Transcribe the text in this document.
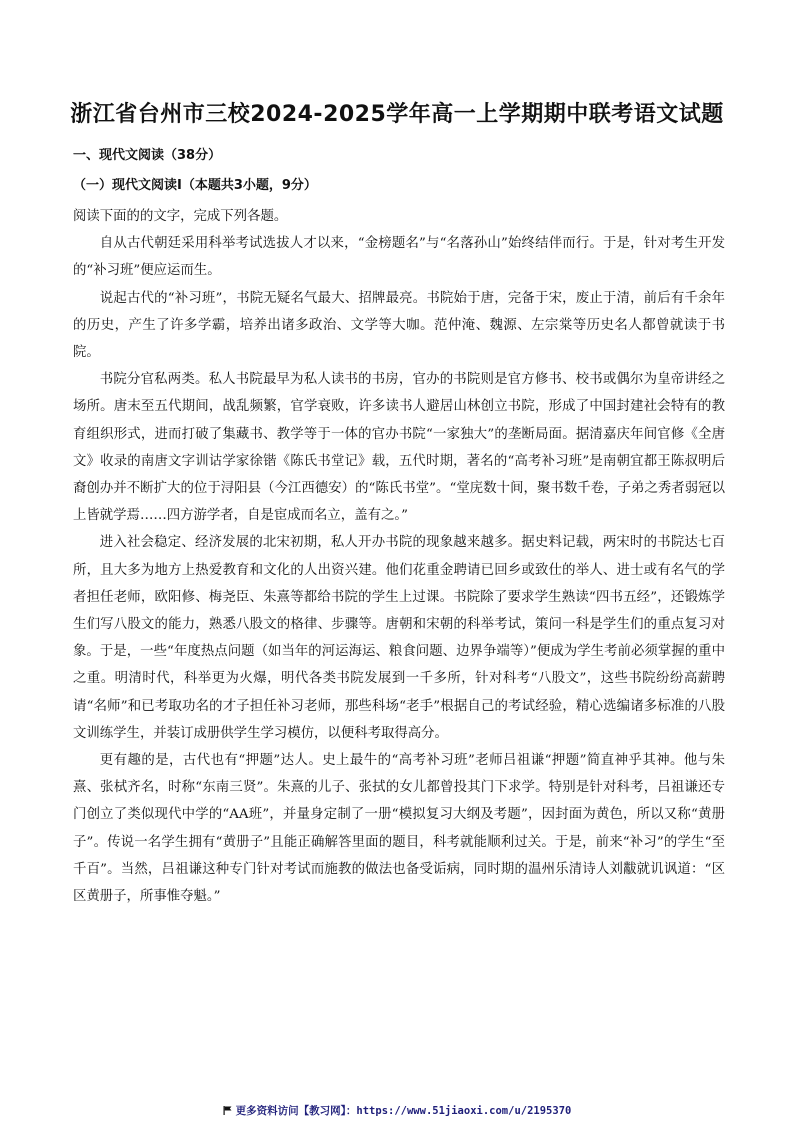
浙江省台州市三校2024-2025学年高一上学期期中联考语文试题

一、现代文阅读（38分）

（一）现代文阅读Ⅰ（本题共3小题，9分）

阅读下面的的文字，完成下列各题。

自从古代朝廷采用科举考试选拔人才以来，“金榜题名”与“名落孙山”始终结伴而行。于是，针对考生开发的“补习班”便应运而生。

说起古代的“补习班”，书院无疑名气最大、招牌最亮。书院始于唐，完备于宋，废止于清，前后有千余年的历史，产生了许多学霸，培养出诸多政治、文学等大咖。范仲淹、魏源、左宗棠等历史名人都曾就读于书院。

书院分官私两类。私人书院最早为私人读书的书房，官办的书院则是官方修书、校书或偶尔为皇帝讲经之场所。唐末至五代期间，战乱频繁，官学衰败，许多读书人避居山林创立书院，形成了中国封建社会特有的教育组织形式，进而打破了集藏书、教学等于一体的官办书院“一家独大”的垄断局面。据清嘉庆年间官修《全唐文》收录的南唐文字训诂学家徐锴《陈氏书堂记》载，五代时期，著名的“高考补习班”是南朝宜都王陈叔明后裔创办并不断扩大的位于浔阳县（今江西德安）的“陈氏书堂”。“堂庑数十间，聚书数千卷，子弟之秀者弱冠以上皆就学焉……四方游学者，自是宦成而名立，盖有之。”

进入社会稳定、经济发展的北宋初期，私人开办书院的现象越来越多。据史料记载，两宋时的书院达七百所，且大多为地方上热爱教育和文化的人出资兴建。他们花重金聘请已回乡或致仕的举人、进士或有名气的学者担任老师，欧阳修、梅尧臣、朱熹等都给书院的学生上过课。书院除了要求学生熟读“四书五经”，还锻炼学生们写八股文的能力，熟悉八股文的格律、步骤等。唐朝和宋朝的科举考试，策问一科是学生们的重点复习对象。于是，一些“年度热点问题（如当年的河运海运、粮食问题、边界争端等）”便成为学生考前必须掌握的重中之重。明清时代，科举更为火爆，明代各类书院发展到一千多所，针对科考“八股文”，这些书院纷纷高薪聘请“名师”和已考取功名的才子担任补习老师，那些科场“老手”根据自己的考试经验，精心选编诸多标准的八股文训练学生，并装订成册供学生学习模仿，以便科考取得高分。

更有趣的是，古代也有“押题”达人。史上最牛的“高考补习班”老师吕祖谦“押题”简直神乎其神。他与朱熹、张栻齐名，时称“东南三贤”。朱熹的儿子、张拭的女儿都曾投其门下求学。特别是针对科考，吕祖谦还专门创立了类似现代中学的“AA班”，并量身定制了一册“模拟复习大纲及考题”，因封面为黄色，所以又称“黄册子”。传说一名学生拥有“黄册子”且能正确解答里面的题目，科考就能顺利过关。于是，前来“补习”的学生“至千百”。当然，吕祖谦这种专门针对考试而施教的做法也备受诟病，同时期的温州乐清诗人刘黻就讥讽道：“区区黄册子，所事惟夺魁。”

更多资料访问【教习网】：https://www.51jiaoxi.com/u/2195370
